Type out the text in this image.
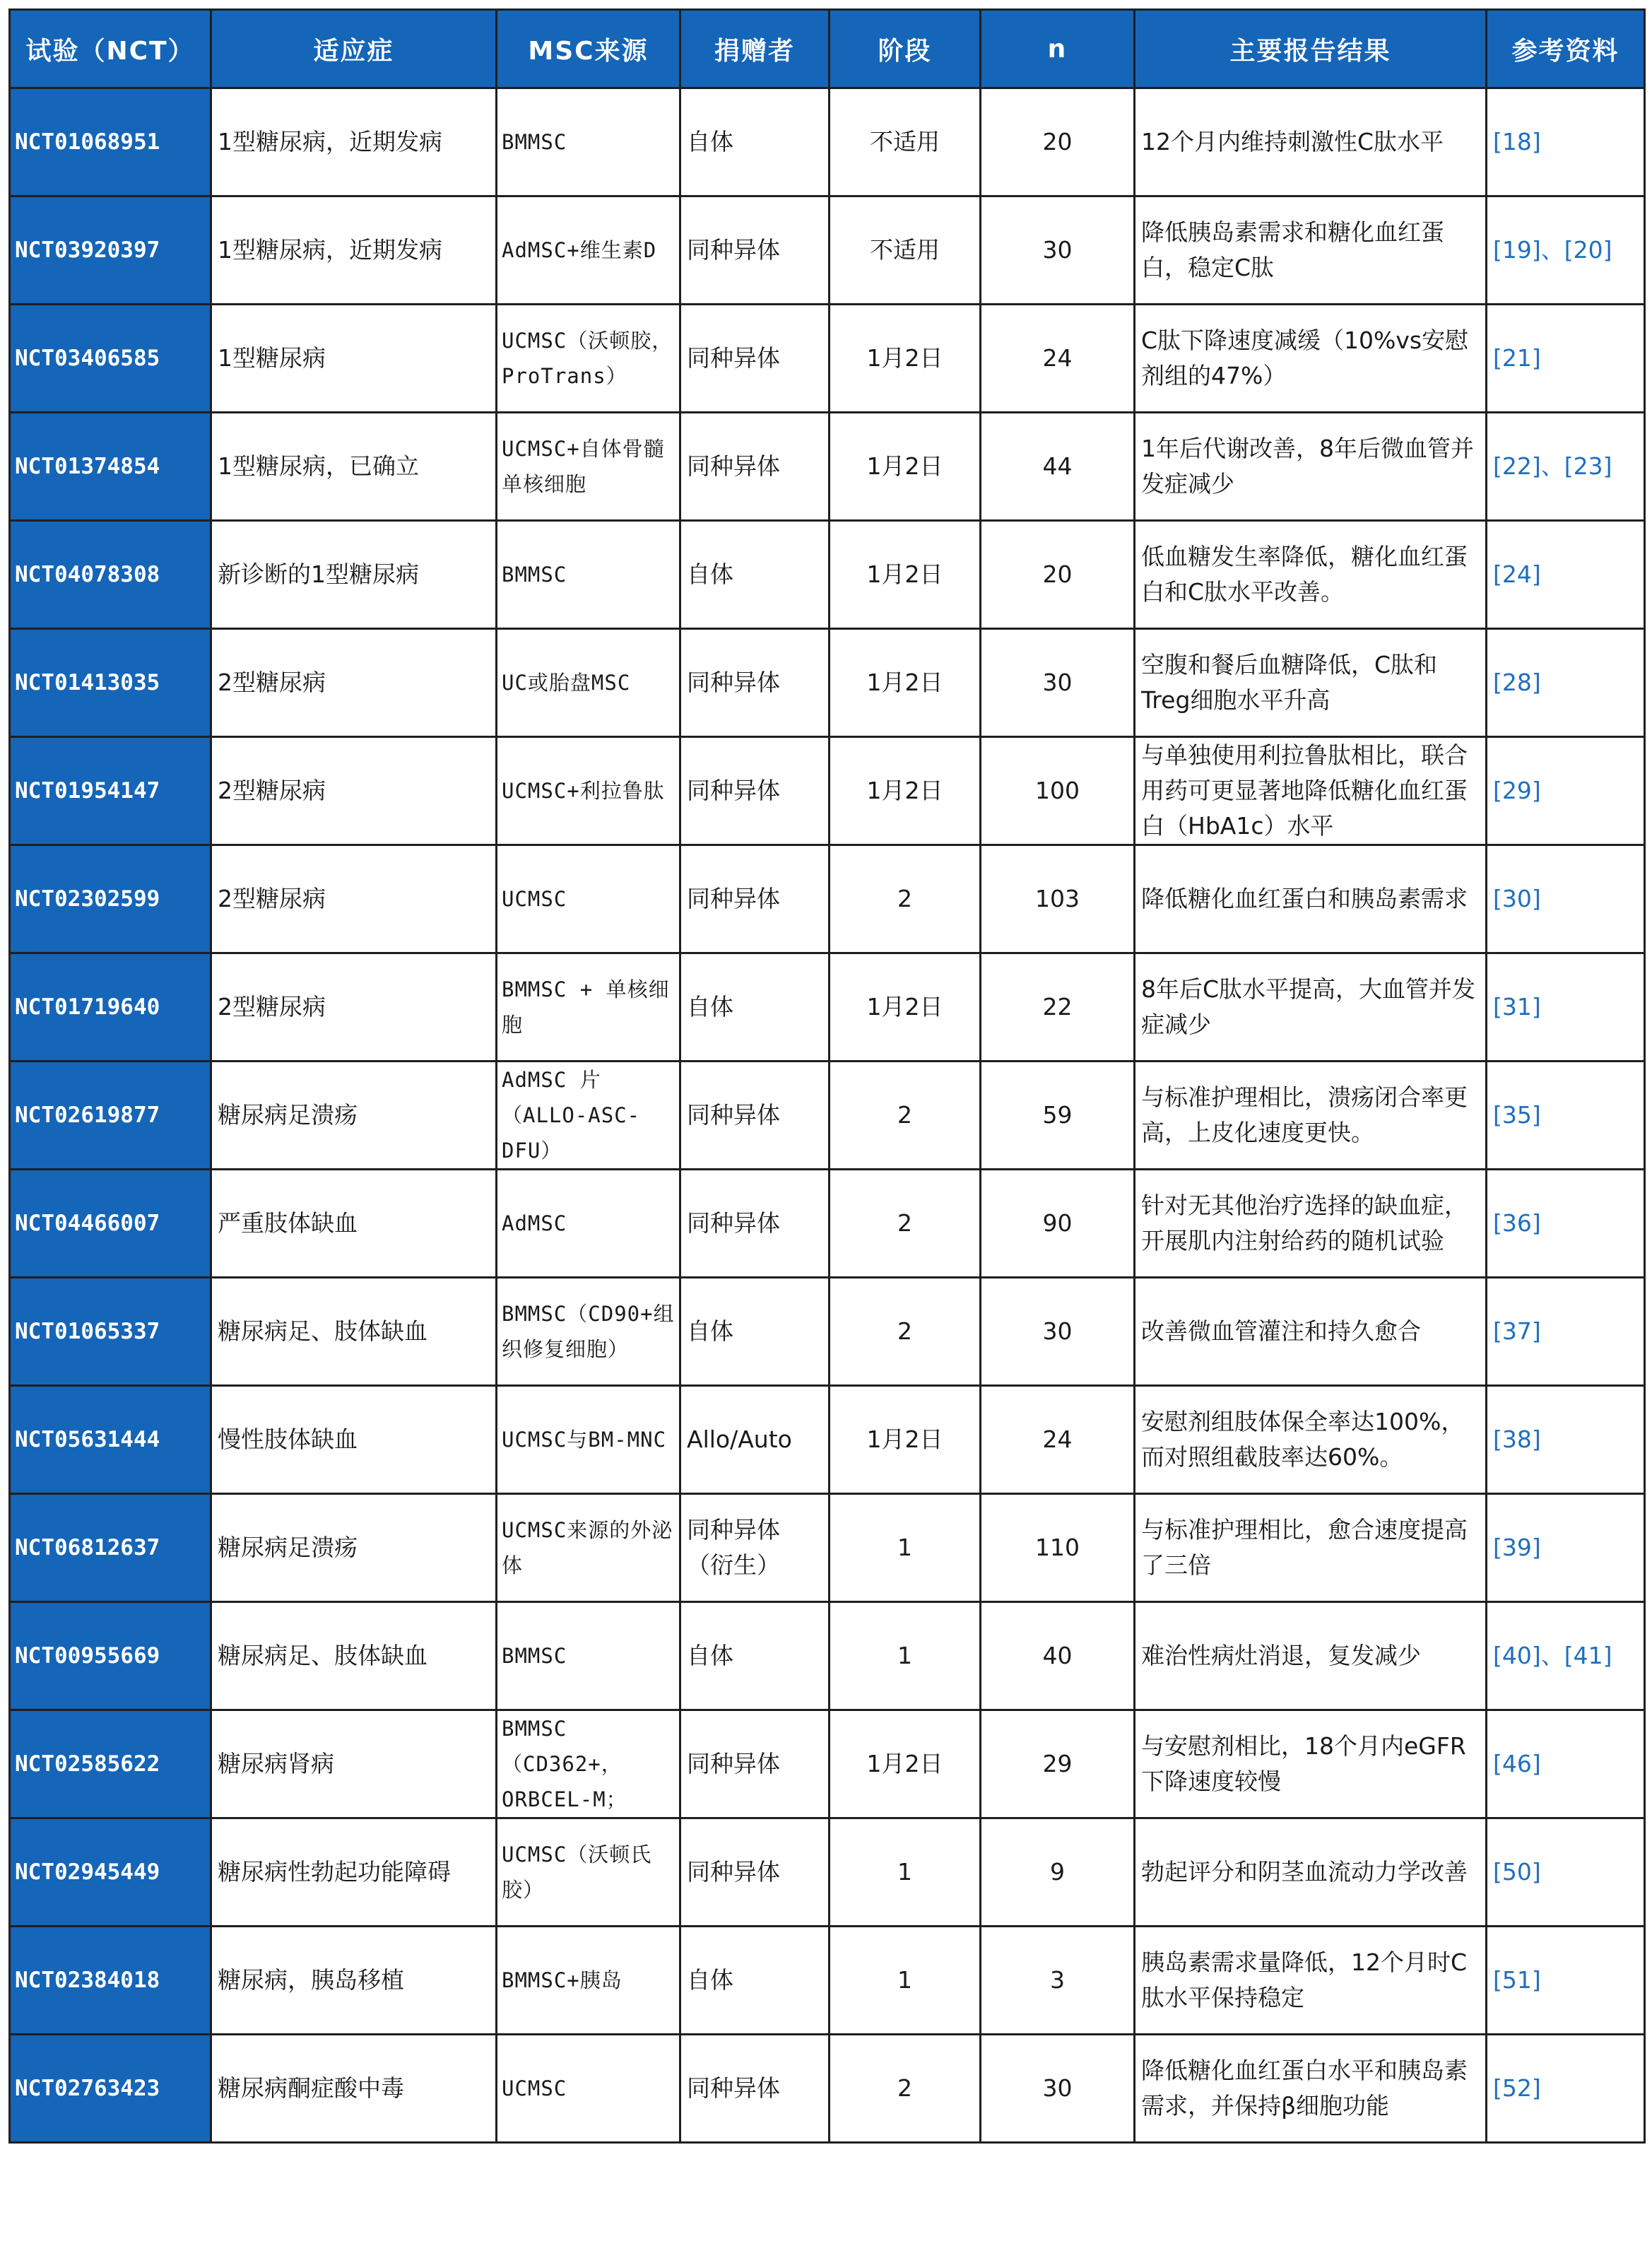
试验（NCT）	适应症	MSC来源	捐赠者	阶段	n	主要报告结果	参考资料
NCT01068951	1型糖尿病，近期发病	BMMSC	自体	不适用	20	12个月内维持刺激性C肽水平	[18]
NCT03920397	1型糖尿病，近期发病	AdMSC+维生素D	同种异体	不适用	30	降低胰岛素需求和糖化血红蛋白，稳定C肽	[19]、[20]
NCT03406585	1型糖尿病	UCMSC（沃顿胶，ProTrans）	同种异体	1月2日	24	C肽下降速度减缓（10%vs安慰剂组的47%）	[21]
NCT01374854	1型糖尿病，已确立	UCMSC+自体骨髓单核细胞	同种异体	1月2日	44	1年后代谢改善，8年后微血管并发症减少	[22]、[23]
NCT04078308	新诊断的1型糖尿病	BMMSC	自体	1月2日	20	低血糖发生率降低，糖化血红蛋白和C肽水平改善。	[24]
NCT01413035	2型糖尿病	UC或胎盘MSC	同种异体	1月2日	30	空腹和餐后血糖降低，C肽和Treg细胞水平升高	[28]
NCT01954147	2型糖尿病	UCMSC+利拉鲁肽	同种异体	1月2日	100	与单独使用利拉鲁肽相比，联合用药可更显著地降低糖化血红蛋白（HbA1c）水平	[29]
NCT02302599	2型糖尿病	UCMSC	同种异体	2	103	降低糖化血红蛋白和胰岛素需求	[30]
NCT01719640	2型糖尿病	BMMSC + 单核细胞	自体	1月2日	22	8年后C肽水平提高，大血管并发症减少	[31]
NCT02619877	糖尿病足溃疡	AdMSC 片（ALLO-ASC-DFU）	同种异体	2	59	与标准护理相比，溃疡闭合率更高，上皮化速度更快。	[35]
NCT04466007	严重肢体缺血	AdMSC	同种异体	2	90	针对无其他治疗选择的缺血症，开展肌内注射给药的随机试验	[36]
NCT01065337	糖尿病足、肢体缺血	BMMSC（CD90+组织修复细胞）	自体	2	30	改善微血管灌注和持久愈合	[37]
NCT05631444	慢性肢体缺血	UCMSC与BM-MNC	Allo/Auto	1月2日	24	安慰剂组肢体保全率达100%，而对照组截肢率达60%。	[38]
NCT06812637	糖尿病足溃疡	UCMSC来源的外泌体	同种异体（衍生）	1	110	与标准护理相比，愈合速度提高了三倍	[39]
NCT00955669	糖尿病足、肢体缺血	BMMSC	自体	1	40	难治性病灶消退，复发减少	[40]、[41]
NCT02585622	糖尿病肾病	BMMSC（CD362+，ORBCEL-M；	同种异体	1月2日	29	与安慰剂相比，18个月内eGFR下降速度较慢	[46]
NCT02945449	糖尿病性勃起功能障碍	UCMSC（沃顿氏胶）	同种异体	1	9	勃起评分和阴茎血流动力学改善	[50]
NCT02384018	糖尿病，胰岛移植	BMMSC+胰岛	自体	1	3	胰岛素需求量降低，12个月时C肽水平保持稳定	[51]
NCT02763423	糖尿病酮症酸中毒	UCMSC	同种异体	2	30	降低糖化血红蛋白水平和胰岛素需求，并保持β细胞功能	[52]
